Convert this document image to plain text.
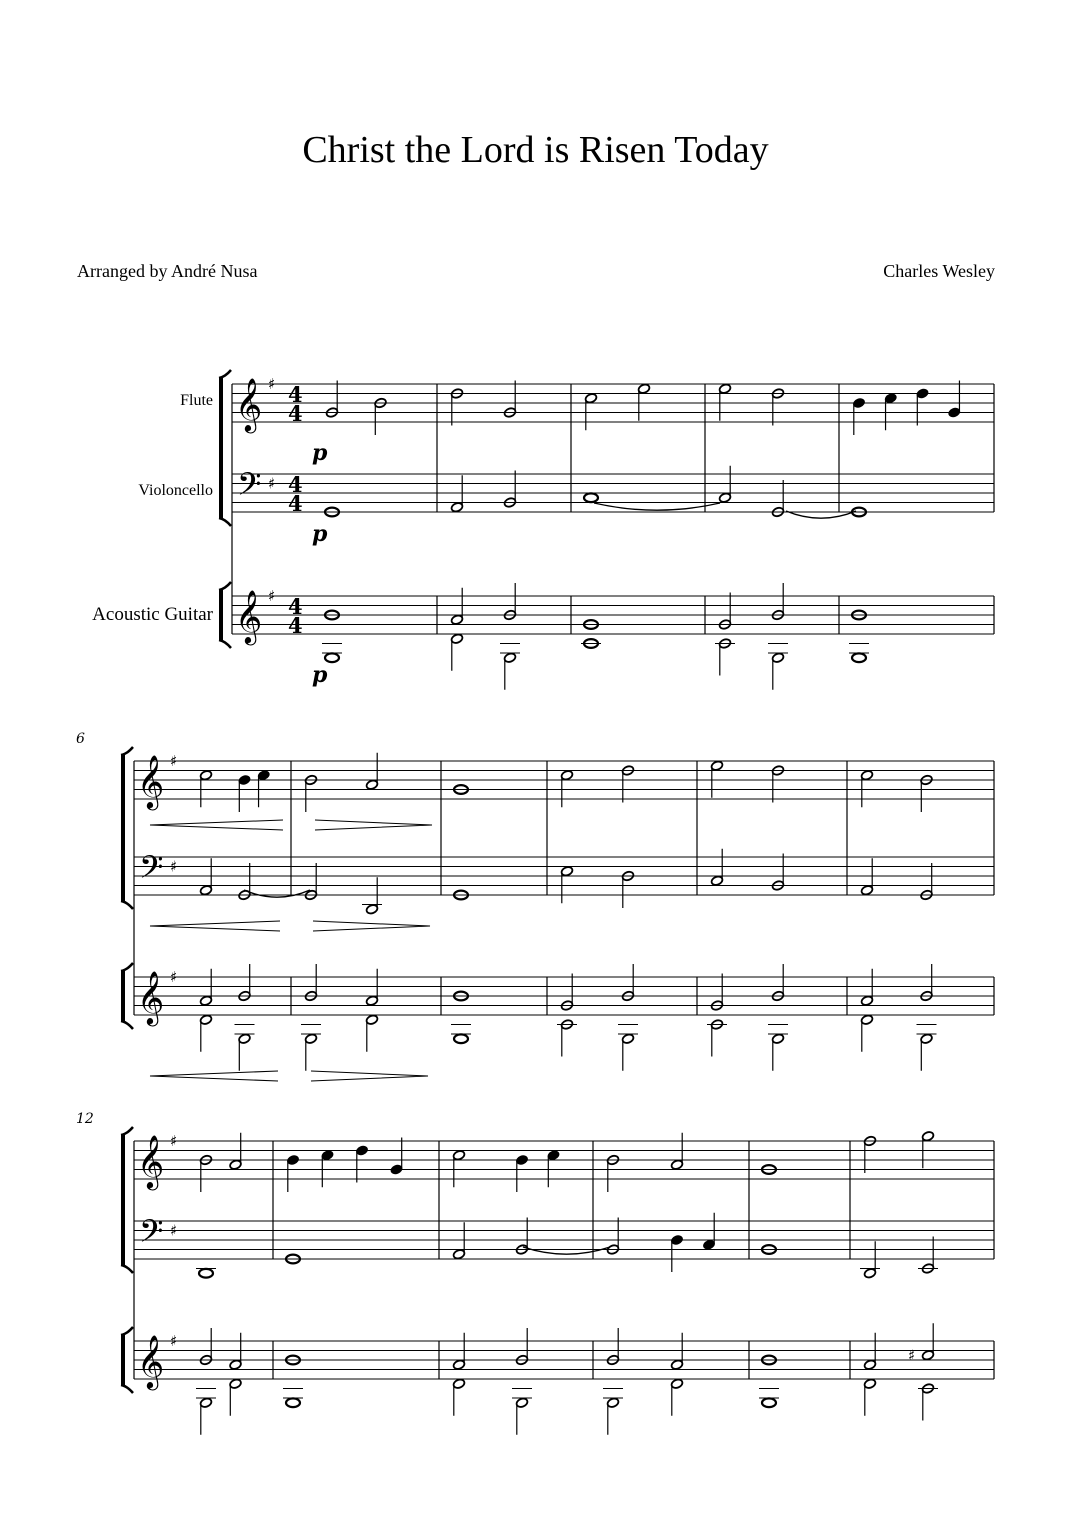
Christ the Lord is Risen Today
Arranged by André Nusa	Charles Wesley
Flute
Violoncello
Acoustic Guitar
𝄞
𝄢
𝄞
♯
♯
♯
4
4
4
4
4
4
𝄞
𝄢
𝄞
♯
♯
♯
6
𝄞
𝄢
𝄞
♯
♯
♯
12
♯
p
p
p
